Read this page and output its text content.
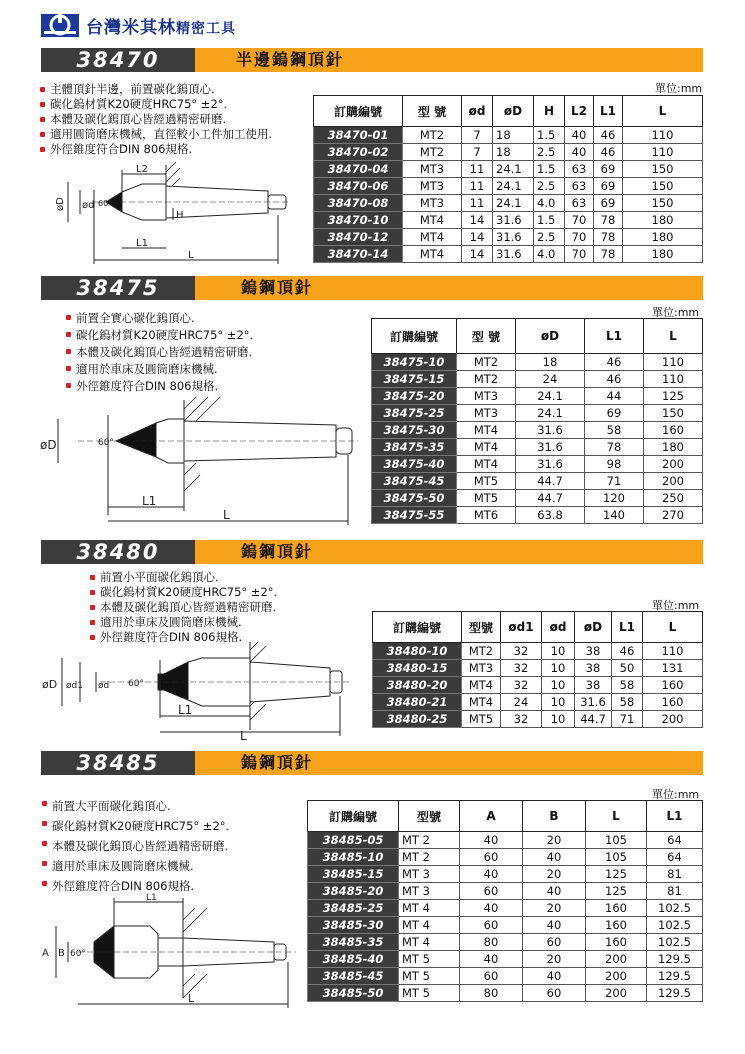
台灣米其林精密工具
38470	半邊鎢鋼頂針
主體頂針半邊，前置碳化鎢頂心.
碳化鎢材質K20硬度HRC75° ±2°.
本體及碳化鎢頂心皆經過精密研磨.
適用圓筒磨床機械，直徑較小工件加工使用.
外徑錐度符合DIN 806規格.
單位:mm
訂購編號	型 號	ød	øD	H	L2	L1	L
38470-01	MT2	7	18	1.5	40	46	110
38470-02	MT2	7	18	2.5	40	46	110
38470-04	MT3	11	24.1	1.5	63	69	150
38470-06	MT3	11	24.1	2.5	63	69	150
38470-08	MT3	11	24.1	4.0	63	69	150
38470-10	MT4	14	31.6	1.5	70	78	180
38470-12	MT4	14	31.6	2.5	70	78	180
38470-14	MT4	14	31.6	4.0	70	78	180
L2
L1
L
øD ød 60°
H
38475	鎢鋼頂針
前置全實心碳化鎢頂心.
碳化鎢材質K20硬度HRC75° ±2°.
本體及碳化鎢頂心皆經過精密研磨.
適用於車床及圓筒磨床機械.
外徑錐度符合DIN 806規格.
單位:mm
訂購編號	型 號	øD	L1	L
38475-10	MT2	18	46	110
38475-15	MT2	24	46	110
38475-20	MT3	24.1	44	125
38475-25	MT3	24.1	69	150
38475-30	MT4	31.6	58	160
38475-35	MT4	31.6	78	180
38475-40	MT4	31.6	98	200
38475-45	MT5	44.7	71	200
38475-50	MT5	44.7	120	250
38475-55	MT6	63.8	140	270
L1
L
øD	60°
38480	鎢鋼頂針
前置小平面碳化鎢頂心.
碳化鎢材質K20硬度HRC75° ±2°.
本體及碳化鎢頂心皆經過精密研磨.
適用於車床及圓筒磨床機械.
外徑錐度符合DIN 806規格.
單位:mm
訂購編號	型號	ød1	ød	øD	L1	L
38480-10	MT2	32	10	38	46	110
38480-15	MT3	32	10	38	50	131
38480-20	MT4	32	10	38	58	160
38480-21	MT4	24	10	31.6	58	160
38480-25	MT5	32	10	44.7	71	200
L1
L
øD ød1 ød 60°
38485	鎢鋼頂針
前置大平面碳化鎢頂心.
碳化鎢材質K20硬度HRC75° ±2°.
本體及碳化鎢頂心皆經過精密研磨.
適用於車床及圓筒磨床機械.
外徑錐度符合DIN 806規格.
單位:mm
訂購編號	型號	A	B	L	L1
38485-05	MT 2	40	20	105	64
38485-10	MT 2	60	40	105	64
38485-15	MT 3	40	20	125	81
38485-20	MT 3	60	40	125	81
38485-25	MT 4	40	20	160	102.5
38485-30	MT 4	60	40	160	102.5
38485-35	MT 4	80	60	160	102.5
38485-40	MT 5	40	20	200	129.5
38485-45	MT 5	60	40	200	129.5
38485-50	MT 5	80	60	200	129.5
L1
L
A B 60°
